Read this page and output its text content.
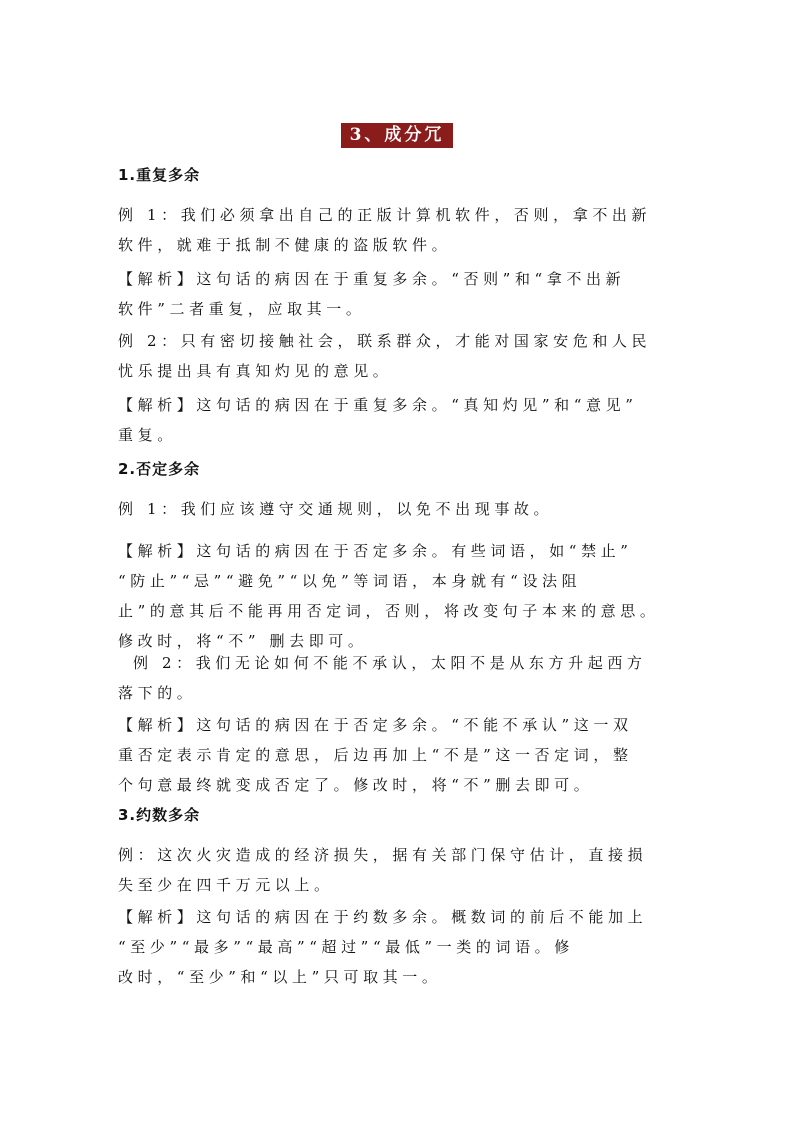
3、成分冗余
1.重复多余
例 1：我们必须拿出自己的正版计算机软件，否则，拿不出新
软件，就难于抵制不健康的盗版软件。
【解析】这句话的病因在于重复多余。“否则”和“拿不出新
软件”二者重复，应取其一。
例 2：只有密切接触社会，联系群众，才能对国家安危和人民
忧乐提出具有真知灼见的意见。
【解析】这句话的病因在于重复多余。“真知灼见”和“意见”
重复。
2.否定多余
例 1：我们应该遵守交通规则，以免不出现事故。
【解析】这句话的病因在于否定多余。有些词语，如“禁止”
“防止”“忌”“避免”“以免”等词语，本身就有“设法阻
止”的意其后不能再用否定词，否则，将改变句子本来的意思。
修改时，将“不” 删去即可。
例 2：我们无论如何不能不承认，太阳不是从东方升起西方
落下的。
【解析】这句话的病因在于否定多余。“不能不承认”这一双
重否定表示肯定的意思，后边再加上“不是”这一否定词，整
个句意最终就变成否定了。修改时，将“不”删去即可。
3.约数多余
例：这次火灾造成的经济损失，据有关部门保守估计，直接损
失至少在四千万元以上。
【解析】这句话的病因在于约数多余。概数词的前后不能加上
“至少”“最多”“最高”“超过”“最低”一类的词语。修
改时，“至少”和“以上”只可取其一。
